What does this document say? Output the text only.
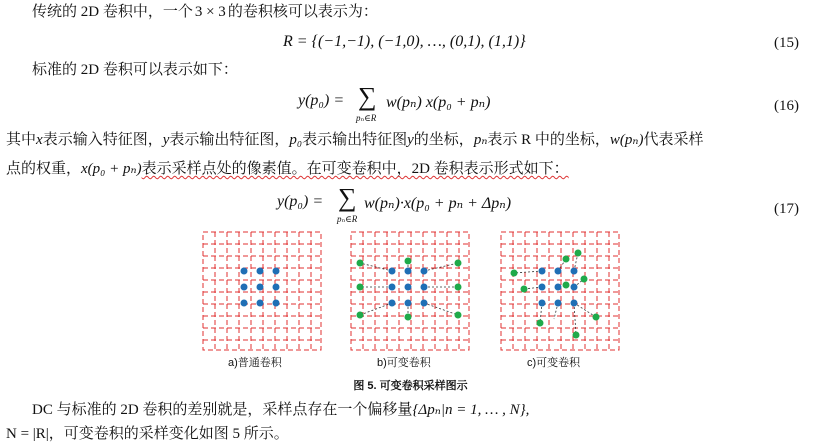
传统的 2D 卷积中，一个 3 × 3 的卷积核可以表示为：
R = {(−1,−1), (−1,0), …, (0,1), (1,1)}	(15)
标准的 2D 卷积可以表示如下：
y(p₀) = ∑
pₙ∈R
w(pₙ) x(p₀ + pₙ)	(16)
其中x表示输入特征图，y表示输出特征图，p₀表示输出特征图y的坐标，pₙ表示 R 中的坐标，w(pₙ)代表采样
点的权重，x(p₀ + pₙ)表示采样点处的像素值。在可变卷积中，2D 卷积表示形式如下：
y(p₀) = ∑
pₙ∈R
w(pₙ)·x(p₀ + pₙ + Δpₙ)	(17)
a)普通卷积	b)可变卷积	c)可变卷积
图 5. 可变卷积采样图示
DC 与标准的 2D 卷积的差别就是，采样点存在一个偏移量{Δpₙ|n = 1, … , N},
N = |R|，可变卷积的采样变化如图 5 所示。
